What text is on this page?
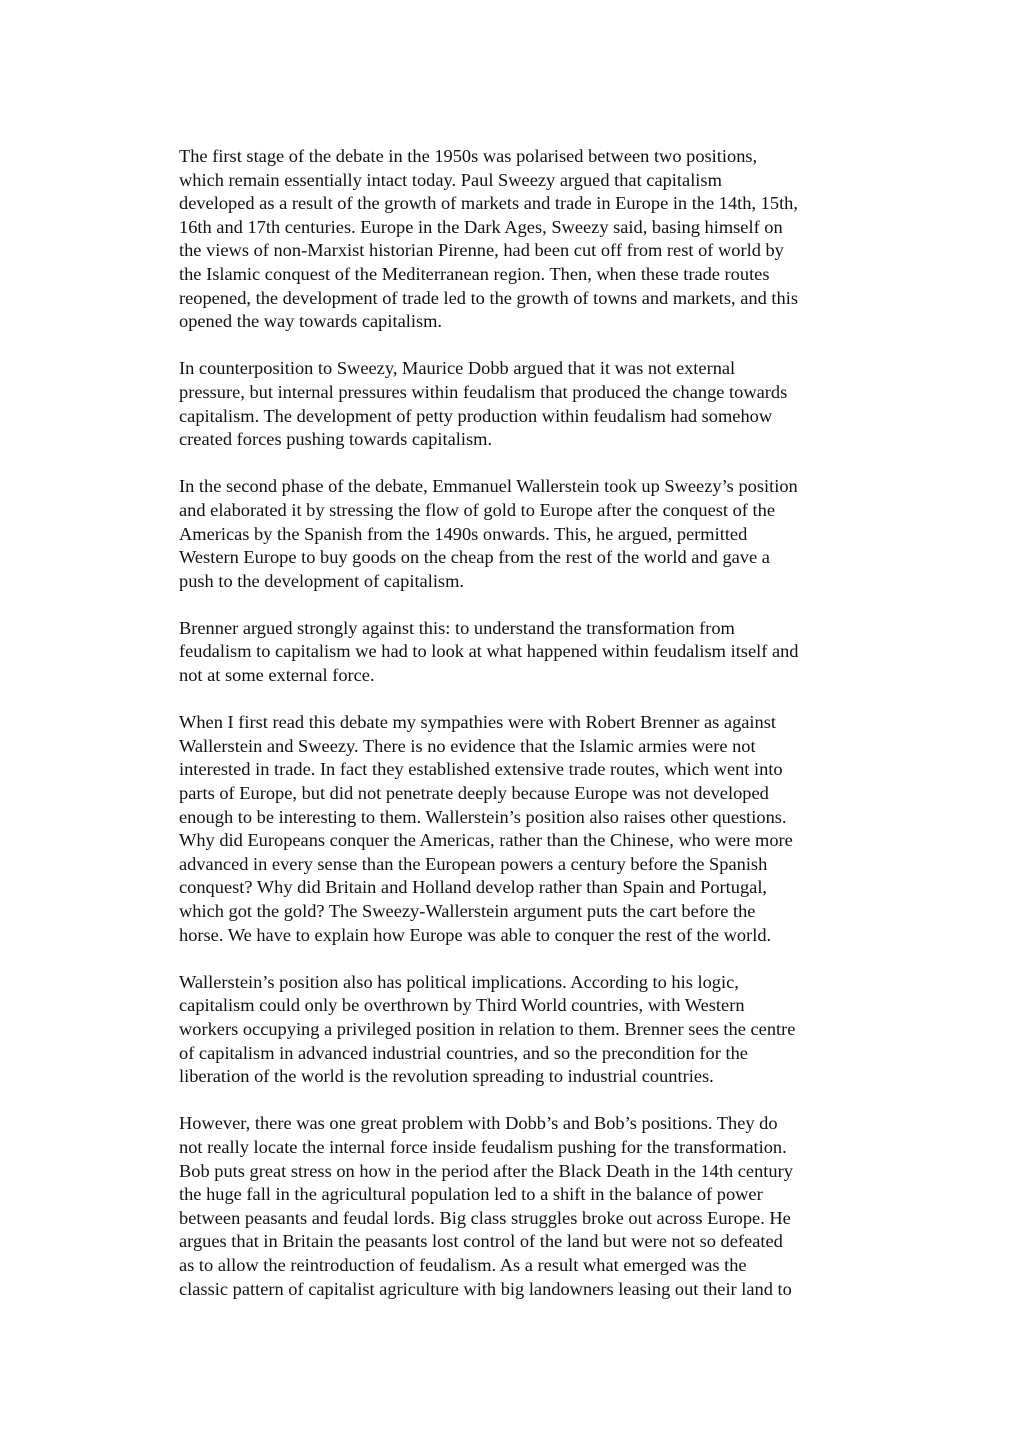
The first stage of the debate in the 1950s was polarised between two positions,
which remain essentially intact today. Paul Sweezy argued that capitalism
developed as a result of the growth of markets and trade in Europe in the 14th, 15th,
16th and 17th centuries. Europe in the Dark Ages, Sweezy said, basing himself on
the views of non-Marxist historian Pirenne, had been cut off from rest of world by
the Islamic conquest of the Mediterranean region. Then, when these trade routes
reopened, the development of trade led to the growth of towns and markets, and this
opened the way towards capitalism.

In counterposition to Sweezy, Maurice Dobb argued that it was not external
pressure, but internal pressures within feudalism that produced the change towards
capitalism. The development of petty production within feudalism had somehow
created forces pushing towards capitalism.

In the second phase of the debate, Emmanuel Wallerstein took up Sweezy’s position
and elaborated it by stressing the flow of gold to Europe after the conquest of the
Americas by the Spanish from the 1490s onwards. This, he argued, permitted
Western Europe to buy goods on the cheap from the rest of the world and gave a
push to the development of capitalism.

Brenner argued strongly against this: to understand the transformation from
feudalism to capitalism we had to look at what happened within feudalism itself and
not at some external force.

When I first read this debate my sympathies were with Robert Brenner as against
Wallerstein and Sweezy. There is no evidence that the Islamic armies were not
interested in trade. In fact they established extensive trade routes, which went into
parts of Europe, but did not penetrate deeply because Europe was not developed
enough to be interesting to them. Wallerstein’s position also raises other questions.
Why did Europeans conquer the Americas, rather than the Chinese, who were more
advanced in every sense than the European powers a century before the Spanish
conquest? Why did Britain and Holland develop rather than Spain and Portugal,
which got the gold? The Sweezy-Wallerstein argument puts the cart before the
horse. We have to explain how Europe was able to conquer the rest of the world.

Wallerstein’s position also has political implications. According to his logic,
capitalism could only be overthrown by Third World countries, with Western
workers occupying a privileged position in relation to them. Brenner sees the centre
of capitalism in advanced industrial countries, and so the precondition for the
liberation of the world is the revolution spreading to industrial countries.

However, there was one great problem with Dobb’s and Bob’s positions. They do
not really locate the internal force inside feudalism pushing for the transformation.
Bob puts great stress on how in the period after the Black Death in the 14th century
the huge fall in the agricultural population led to a shift in the balance of power
between peasants and feudal lords. Big class struggles broke out across Europe. He
argues that in Britain the peasants lost control of the land but were not so defeated
as to allow the reintroduction of feudalism. As a result what emerged was the
classic pattern of capitalist agriculture with big landowners leasing out their land to
